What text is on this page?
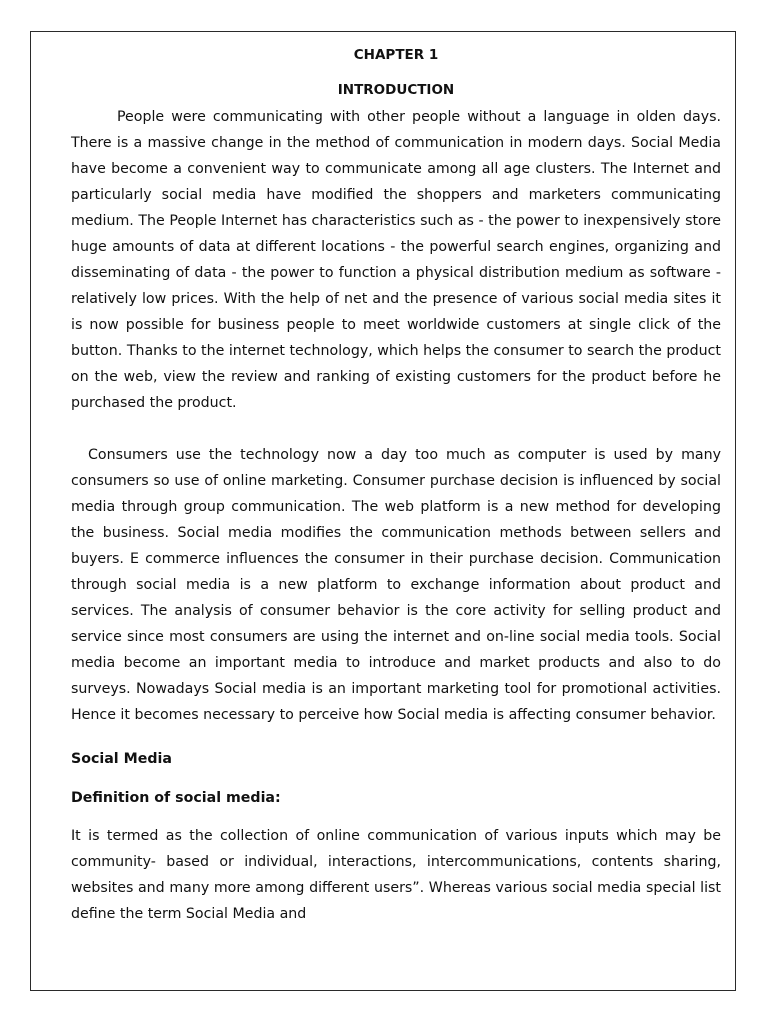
CHAPTER 1
INTRODUCTION

People were communicating with other people without a language in olden days. There is a massive change in the method of communication in modern days. Social Media have become a convenient way to communicate among all age clusters. The Internet and particularly social media have modified the shoppers and marketers communicating medium. The People Internet has characteristics such as - the power to inexpensively store huge amounts of data at different locations - the powerful search engines, organizing and disseminating of data - the power to function a physical distribution medium as software - relatively low prices. With the help of net and the presence of various social media sites it is now possible for business people to meet worldwide customers at single click of the button. Thanks to the internet technology, which helps the consumer to search the product on the web, view the review and ranking of existing customers for the product before he purchased the product.

Consumers use the technology now a day too much as computer is used by many consumers so use of online marketing. Consumer purchase decision is influenced by social media through group communication. The web platform is a new method for developing the business. Social media modifies the communication methods between sellers and buyers. E commerce influences the consumer in their purchase decision. Communication through social media is a new platform to exchange information about product and services. The analysis of consumer behavior is the core activity for selling product and service since most consumers are using the internet and on-line social media tools. Social media become an important media to introduce and market products and also to do surveys. Nowadays Social media is an important marketing tool for promotional activities. Hence it becomes necessary to perceive how Social media is affecting consumer behavior.

Social Media
Definition of social media:

It is termed as the collection of online communication of various inputs which may be community- based or individual, interactions, intercommunications, contents sharing, websites and many more among different users”. Whereas various social media special list define the term Social Media and
